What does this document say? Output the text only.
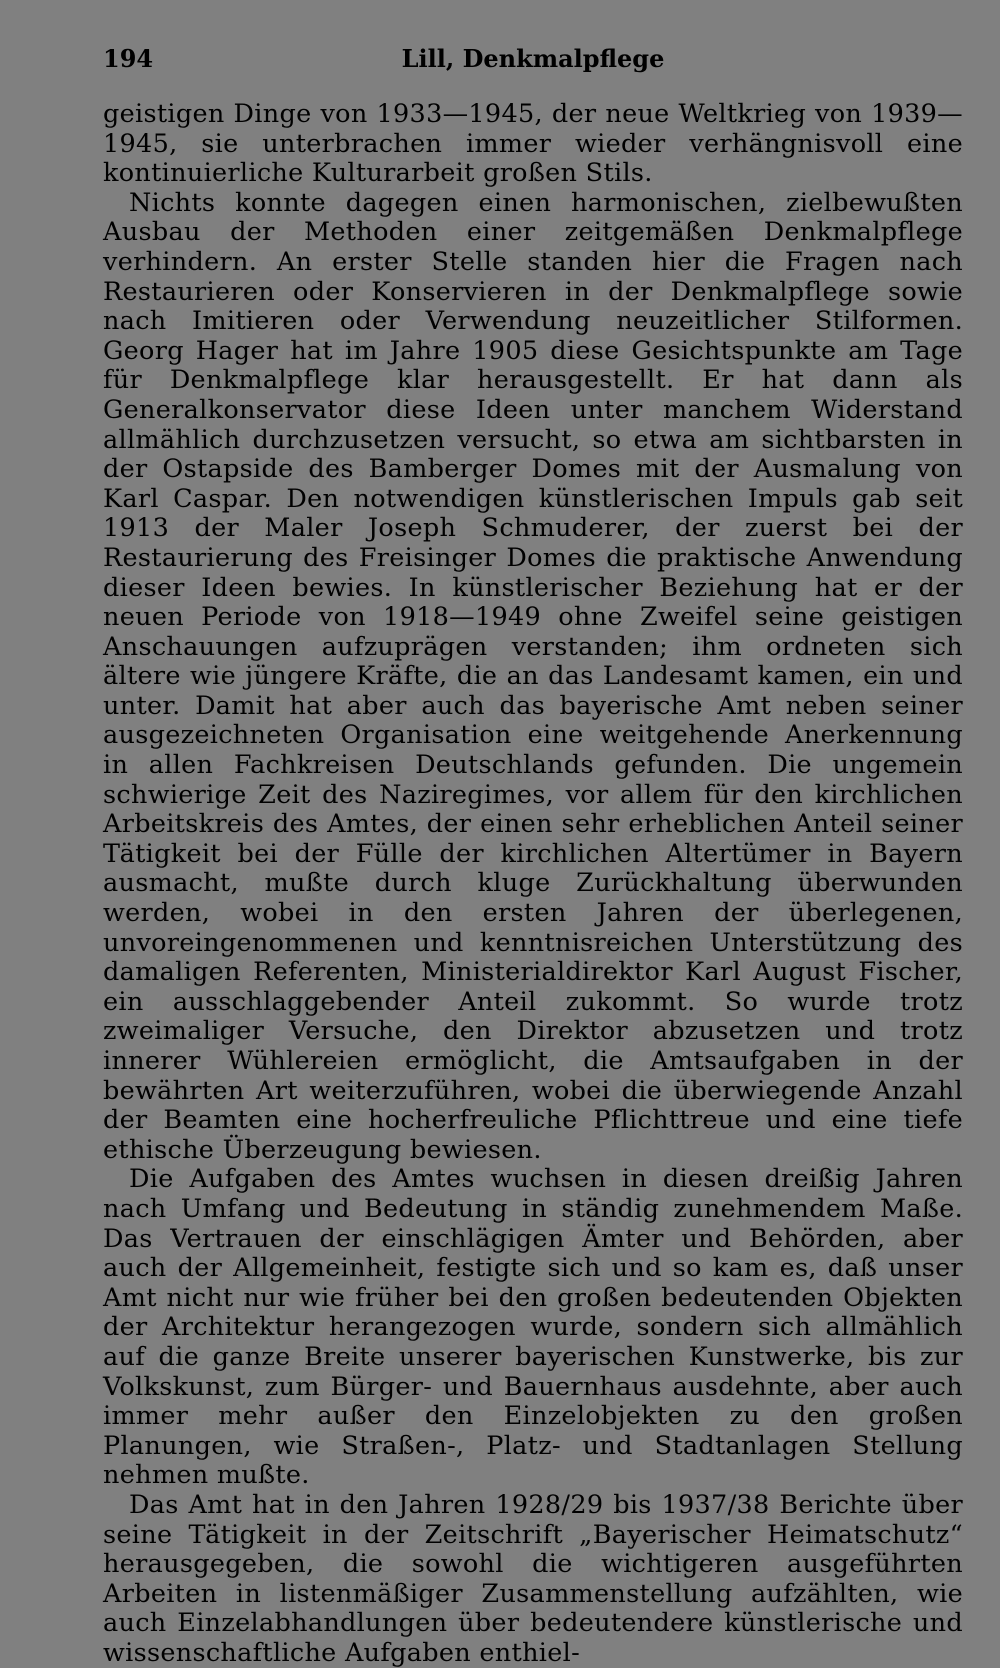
194	Lill, Denkmalpflege

geistigen Dinge von 1933—1945, der neue Weltkrieg von 1939—1945, sie unterbrachen immer wieder verhängnisvoll eine kontinuierliche Kulturarbeit großen Stils.

Nichts konnte dagegen einen harmonischen, zielbewußten Ausbau der Methoden einer zeitgemäßen Denkmalpflege verhindern. An erster Stelle standen hier die Fragen nach Restaurieren oder Konservieren in der Denkmalpflege sowie nach Imitieren oder Verwendung neuzeitlicher Stilformen. Georg Hager hat im Jahre 1905 diese Gesichtspunkte am Tage für Denkmalpflege klar herausgestellt. Er hat dann als Generalkonservator diese Ideen unter manchem Widerstand allmählich durchzusetzen versucht, so etwa am sichtbarsten in der Ostapside des Bamberger Domes mit der Ausmalung von Karl Caspar. Den notwendigen künstlerischen Impuls gab seit 1913 der Maler Joseph Schmuderer, der zuerst bei der Restaurierung des Freisinger Domes die praktische Anwendung dieser Ideen bewies. In künstlerischer Beziehung hat er der neuen Periode von 1918—1949 ohne Zweifel seine geistigen Anschauungen aufzuprägen verstanden; ihm ordneten sich ältere wie jüngere Kräfte, die an das Landesamt kamen, ein und unter. Damit hat aber auch das bayerische Amt neben seiner ausgezeichneten Organisation eine weitgehende Anerkennung in allen Fachkreisen Deutschlands gefunden. Die ungemein schwierige Zeit des Naziregimes, vor allem für den kirchlichen Arbeitskreis des Amtes, der einen sehr erheblichen Anteil seiner Tätigkeit bei der Fülle der kirchlichen Altertümer in Bayern ausmacht, mußte durch kluge Zurückhaltung überwunden werden, wobei in den ersten Jahren der überlegenen, unvoreingenommenen und kenntnisreichen Unterstützung des damaligen Referenten, Ministerialdirektor Karl August Fischer, ein ausschlaggebender Anteil zukommt. So wurde trotz zweimaliger Versuche, den Direktor abzusetzen und trotz innerer Wühlereien ermöglicht, die Amtsaufgaben in der bewährten Art weiterzuführen, wobei die überwiegende Anzahl der Beamten eine hocherfreuliche Pflichttreue und eine tiefe ethische Überzeugung bewiesen.

Die Aufgaben des Amtes wuchsen in diesen dreißig Jahren nach Umfang und Bedeutung in ständig zunehmendem Maße. Das Vertrauen der einschlägigen Ämter und Behörden, aber auch der Allgemeinheit, festigte sich und so kam es, daß unser Amt nicht nur wie früher bei den großen bedeutenden Objekten der Architektur herangezogen wurde, sondern sich allmählich auf die ganze Breite unserer bayerischen Kunstwerke, bis zur Volkskunst, zum Bürger- und Bauernhaus ausdehnte, aber auch immer mehr außer den Einzelobjekten zu den großen Planungen, wie Straßen-, Platz- und Stadtanlagen Stellung nehmen mußte.

Das Amt hat in den Jahren 1928/29 bis 1937/38 Berichte über seine Tätigkeit in der Zeitschrift „Bayerischer Heimatschutz“ herausgegeben, die sowohl die wichtigeren ausgeführten Arbeiten in listenmäßiger Zusammenstellung aufzählten, wie auch Einzelabhandlungen über bedeutendere künstlerische und wissenschaftliche Aufgaben enthiel-
